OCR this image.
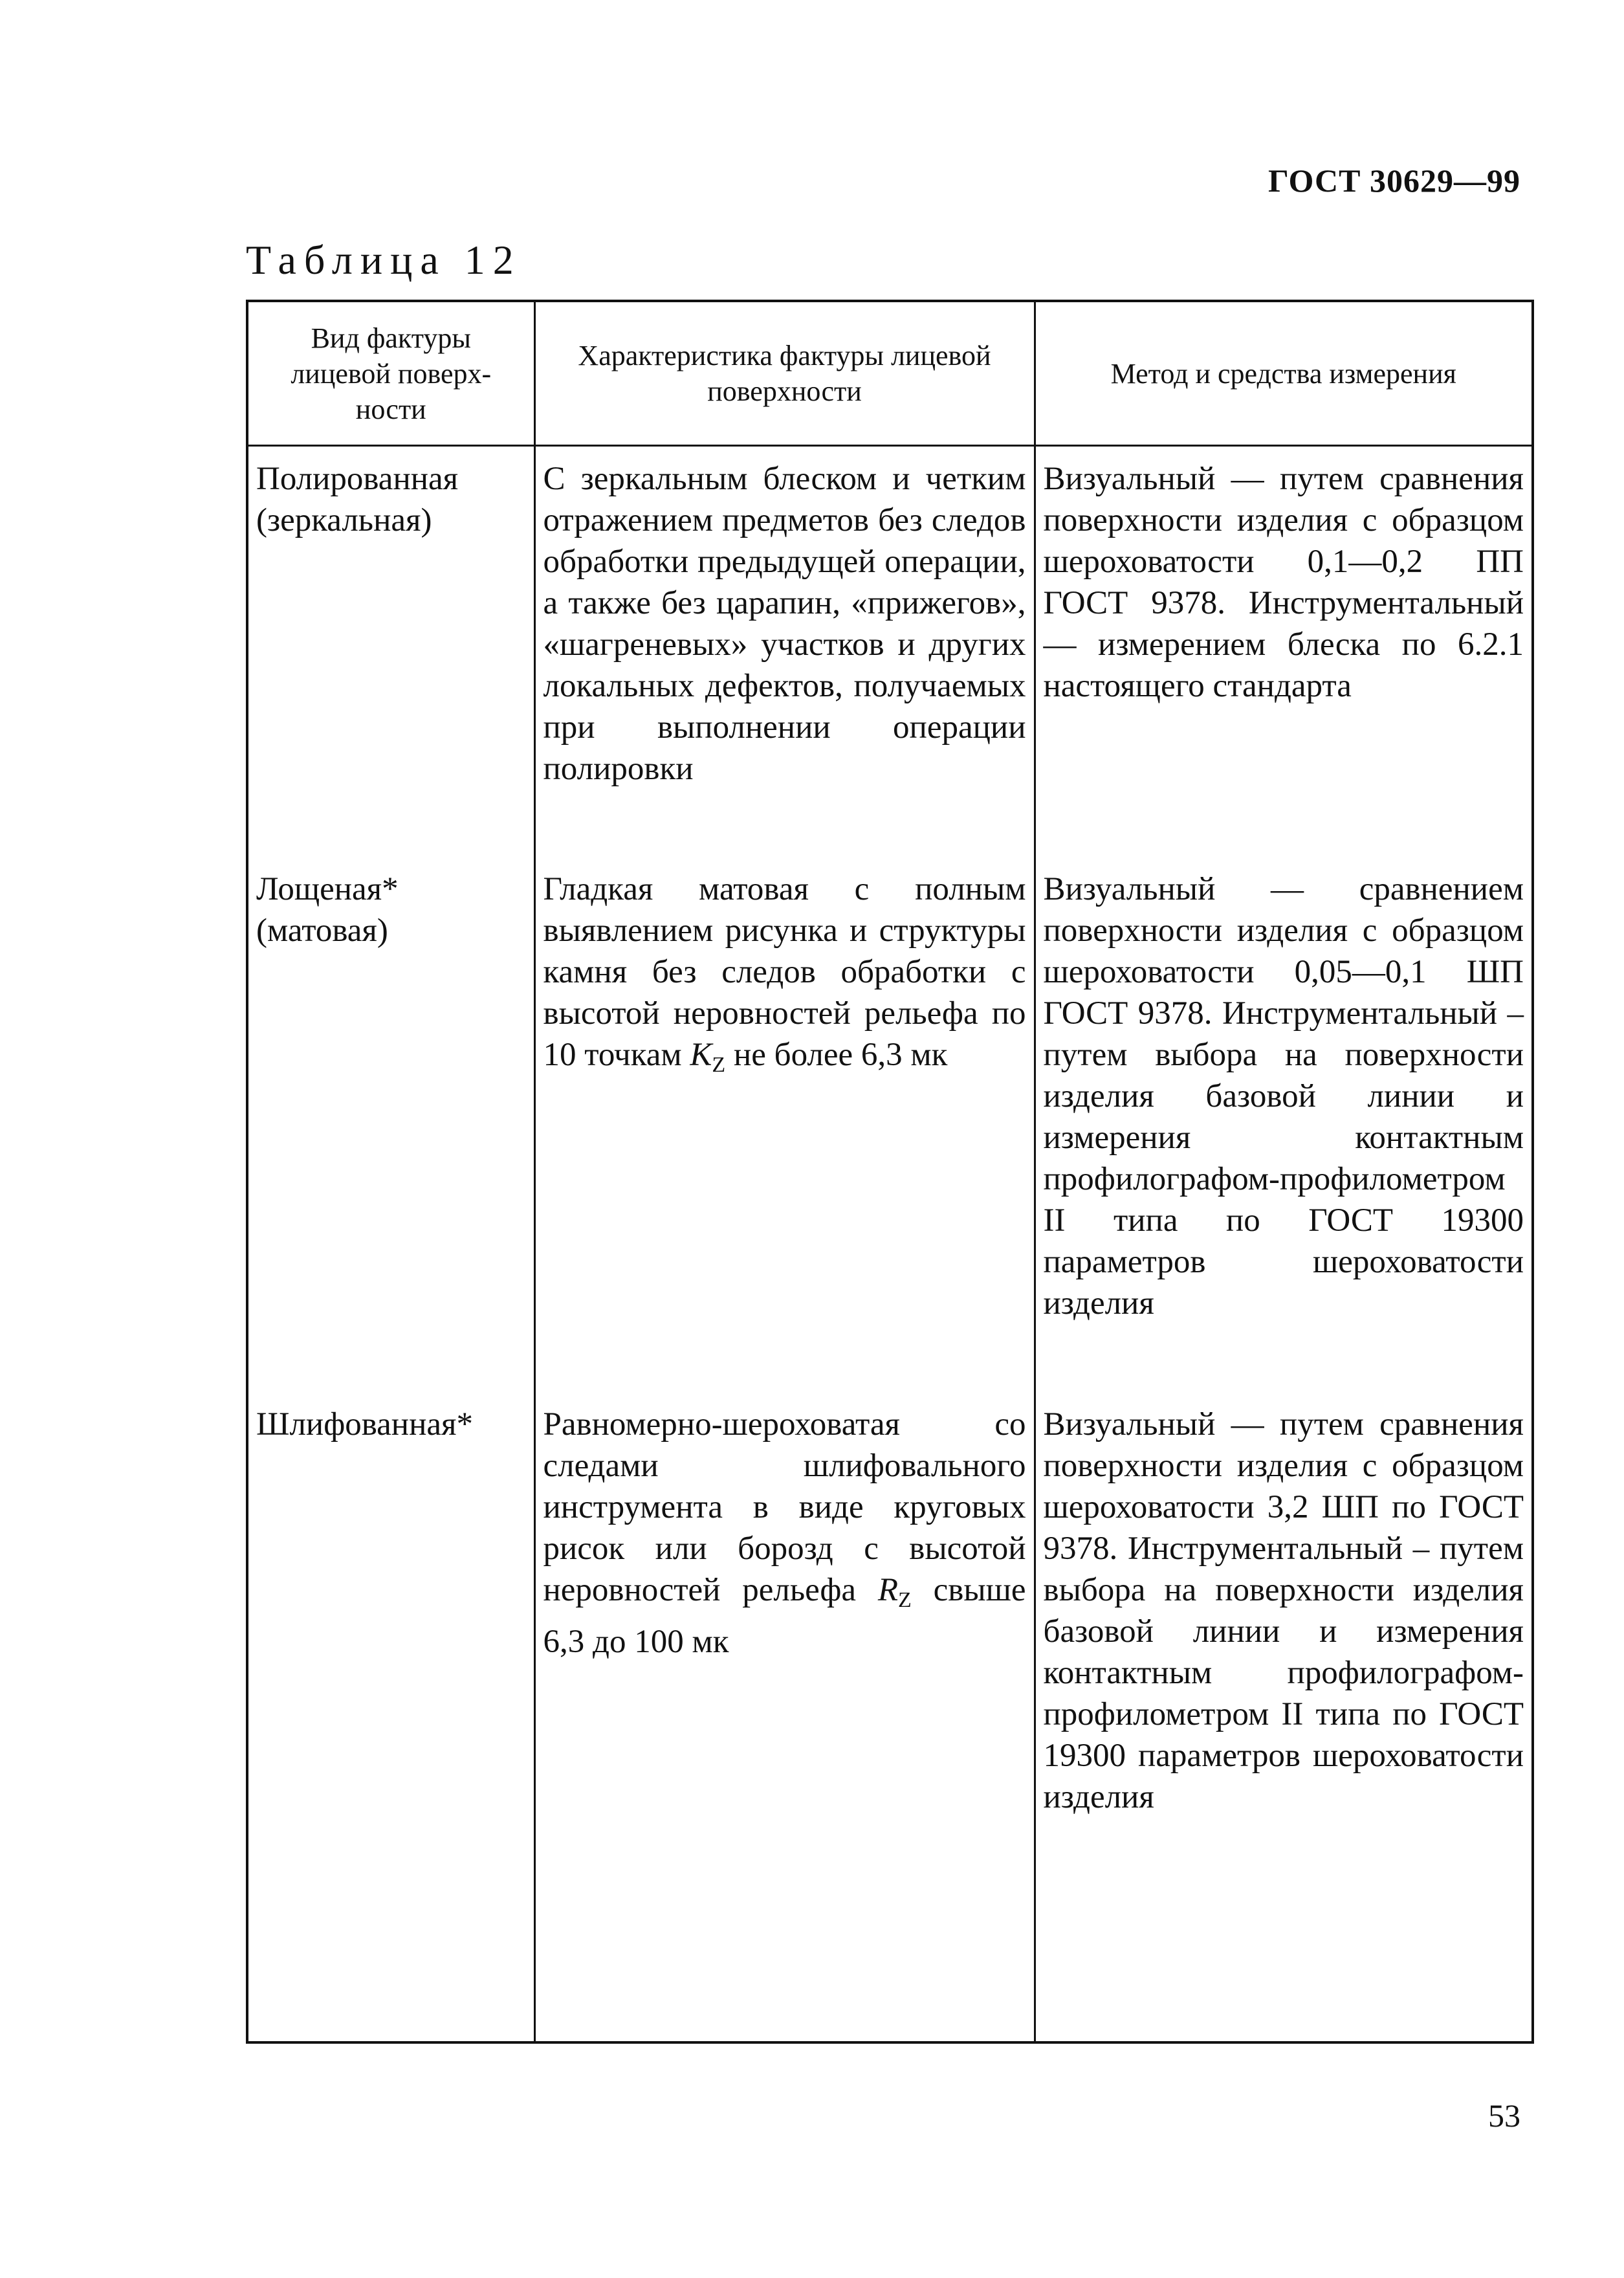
ГОСТ 30629—99
Таблица 12
Вид фактуры лицевой поверх-ности	Характеристика фактуры лицевой поверхности	Метод и средства измерения

Полированная (зеркальная)	С зеркальным блеском и четким отражением предметов без следов обработки предыдущей операции, а также без царапин, «прижегов», «шагреневых» участков и других локальных дефектов, получаемых при выполнении операции полировки	Визуальный — путем сравнения поверхности изделия с образцом шероховатости 0,1—0,2 ПП ГОСТ 9378. Инструментальный — измерением блеска по 6.2.1 настоящего стандарта

Лощеная* (матовая)	Гладкая матовая с полным выявлением рисунка и структуры камня без следов обработки с высотой неровностей рельефа по 10 точкам $K_Z$ не более 6,3 мк	Визуальный — сравнением поверхности изделия с образцом шероховатости 0,05—0,1 ШП ГОСТ 9378. Инструментальный – путем выбора на поверхности изделия базовой линии и измерения контактным профилографом-профилометром II типа по ГОСТ 19300 параметров шероховатости изделия

Шлифованная*	Равномерно-шероховатая со следами шлифовального инструмента в виде круговых рисок или борозд с высотой неровностей рельефа $R_Z$ свыше 6,3 до 100 мк	Визуальный — путем сравнения поверхности изделия с образцом шероховатости 3,2 ШП по ГОСТ 9378. Инструментальный – путем выбора на поверхности изделия базовой линии и измерения контактным профилографом-профилометром II типа по ГОСТ 19300 параметров шероховатости изделия
53
